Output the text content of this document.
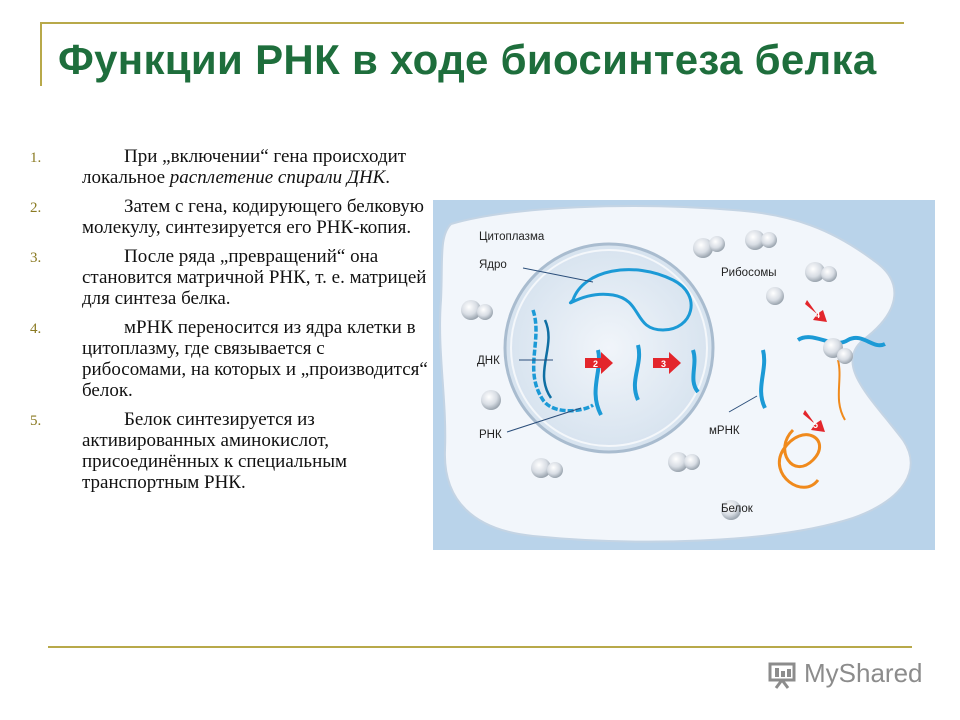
Функции РНК в ходе биосинтеза белка
1.	При „включении“ гена происходит локальное расплетение спирали ДНК.
2.	Затем с гена, кодирующего белковую молекулу, синтезируется его РНК-копия.
3.	После ряда „превращений“ она становится матричной РНК, т. е. матрицей для синтеза белка.
4.	мРНК переносится из ядра клетки в цитоплазму, где связывается с рибосомами, на которых и „производится“ белок.
5.	Белок синтезируется из активированных аминокислот, присоединённых к специальным транспортным РНК.
2	3
4
5
Цитоплазма
Ядро
Рибосомы
ДНК
РНК	мРНК
Белок
MyShared
